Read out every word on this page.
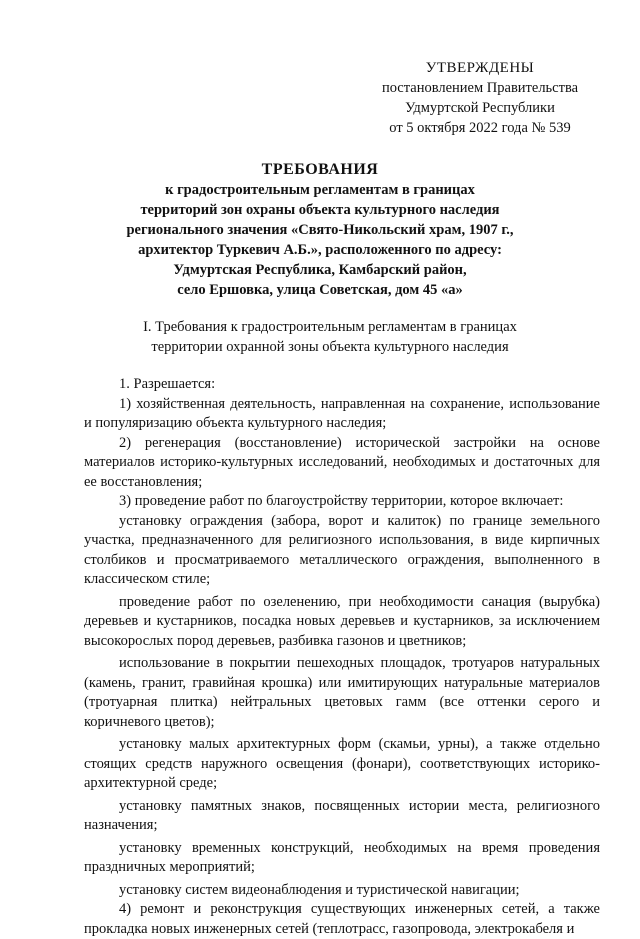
УТВЕРЖДЕНЫ
постановлением Правительства
Удмуртской Республики
от 5 октября 2022 года № 539
ТРЕБОВАНИЯ
к градостроительным регламентам в границах
территорий зон охраны объекта культурного наследия
регионального значения «Свято-Никольский храм, 1907 г.,
архитектор Туркевич А.Б.», расположенного по адресу:
Удмуртская Республика, Камбарский район,
село Ершовка, улица Советская, дом 45 «а»
I. Требования к градостроительным регламентам в границах
территории охранной зоны объекта культурного наследия

1. Разрешается:

1) хозяйственная деятельность, направленная на сохранение, использование и популяризацию объекта культурного наследия;

2) регенерация (восстановление) исторической застройки на основе материалов историко-культурных исследований, необходимых и достаточных для ее восстановления;

3) проведение работ по благоустройству территории, которое включает:

установку ограждения (забора, ворот и калиток) по границе земельного участка, предназначенного для религиозного использования, в виде кирпичных столбиков и просматриваемого металлического ограждения, выполненного в классическом стиле;

проведение работ по озеленению, при необходимости санация (вырубка) деревьев и кустарников, посадка новых деревьев и кустарников, за исключением высокорослых пород деревьев, разбивка газонов и цветников;

использование в покрытии пешеходных площадок, тротуаров натуральных (камень, гранит, гравийная крошка) или имитирующих натуральные материалов (тротуарная плитка) нейтральных цветовых гамм (все оттенки серого и коричневого цветов);

установку малых архитектурных форм (скамьи, урны), а также отдельно стоящих средств наружного освещения (фонари), соответствующих историко-архитектурной среде;

установку памятных знаков, посвященных истории места, религиозного назначения;

установку временных конструкций, необходимых на время проведения праздничных мероприятий;

установку систем видеонаблюдения и туристической навигации;

4) ремонт и реконструкция существующих инженерных сетей, а также прокладка новых инженерных сетей (теплотрасс, газопровода, электрокабеля и
